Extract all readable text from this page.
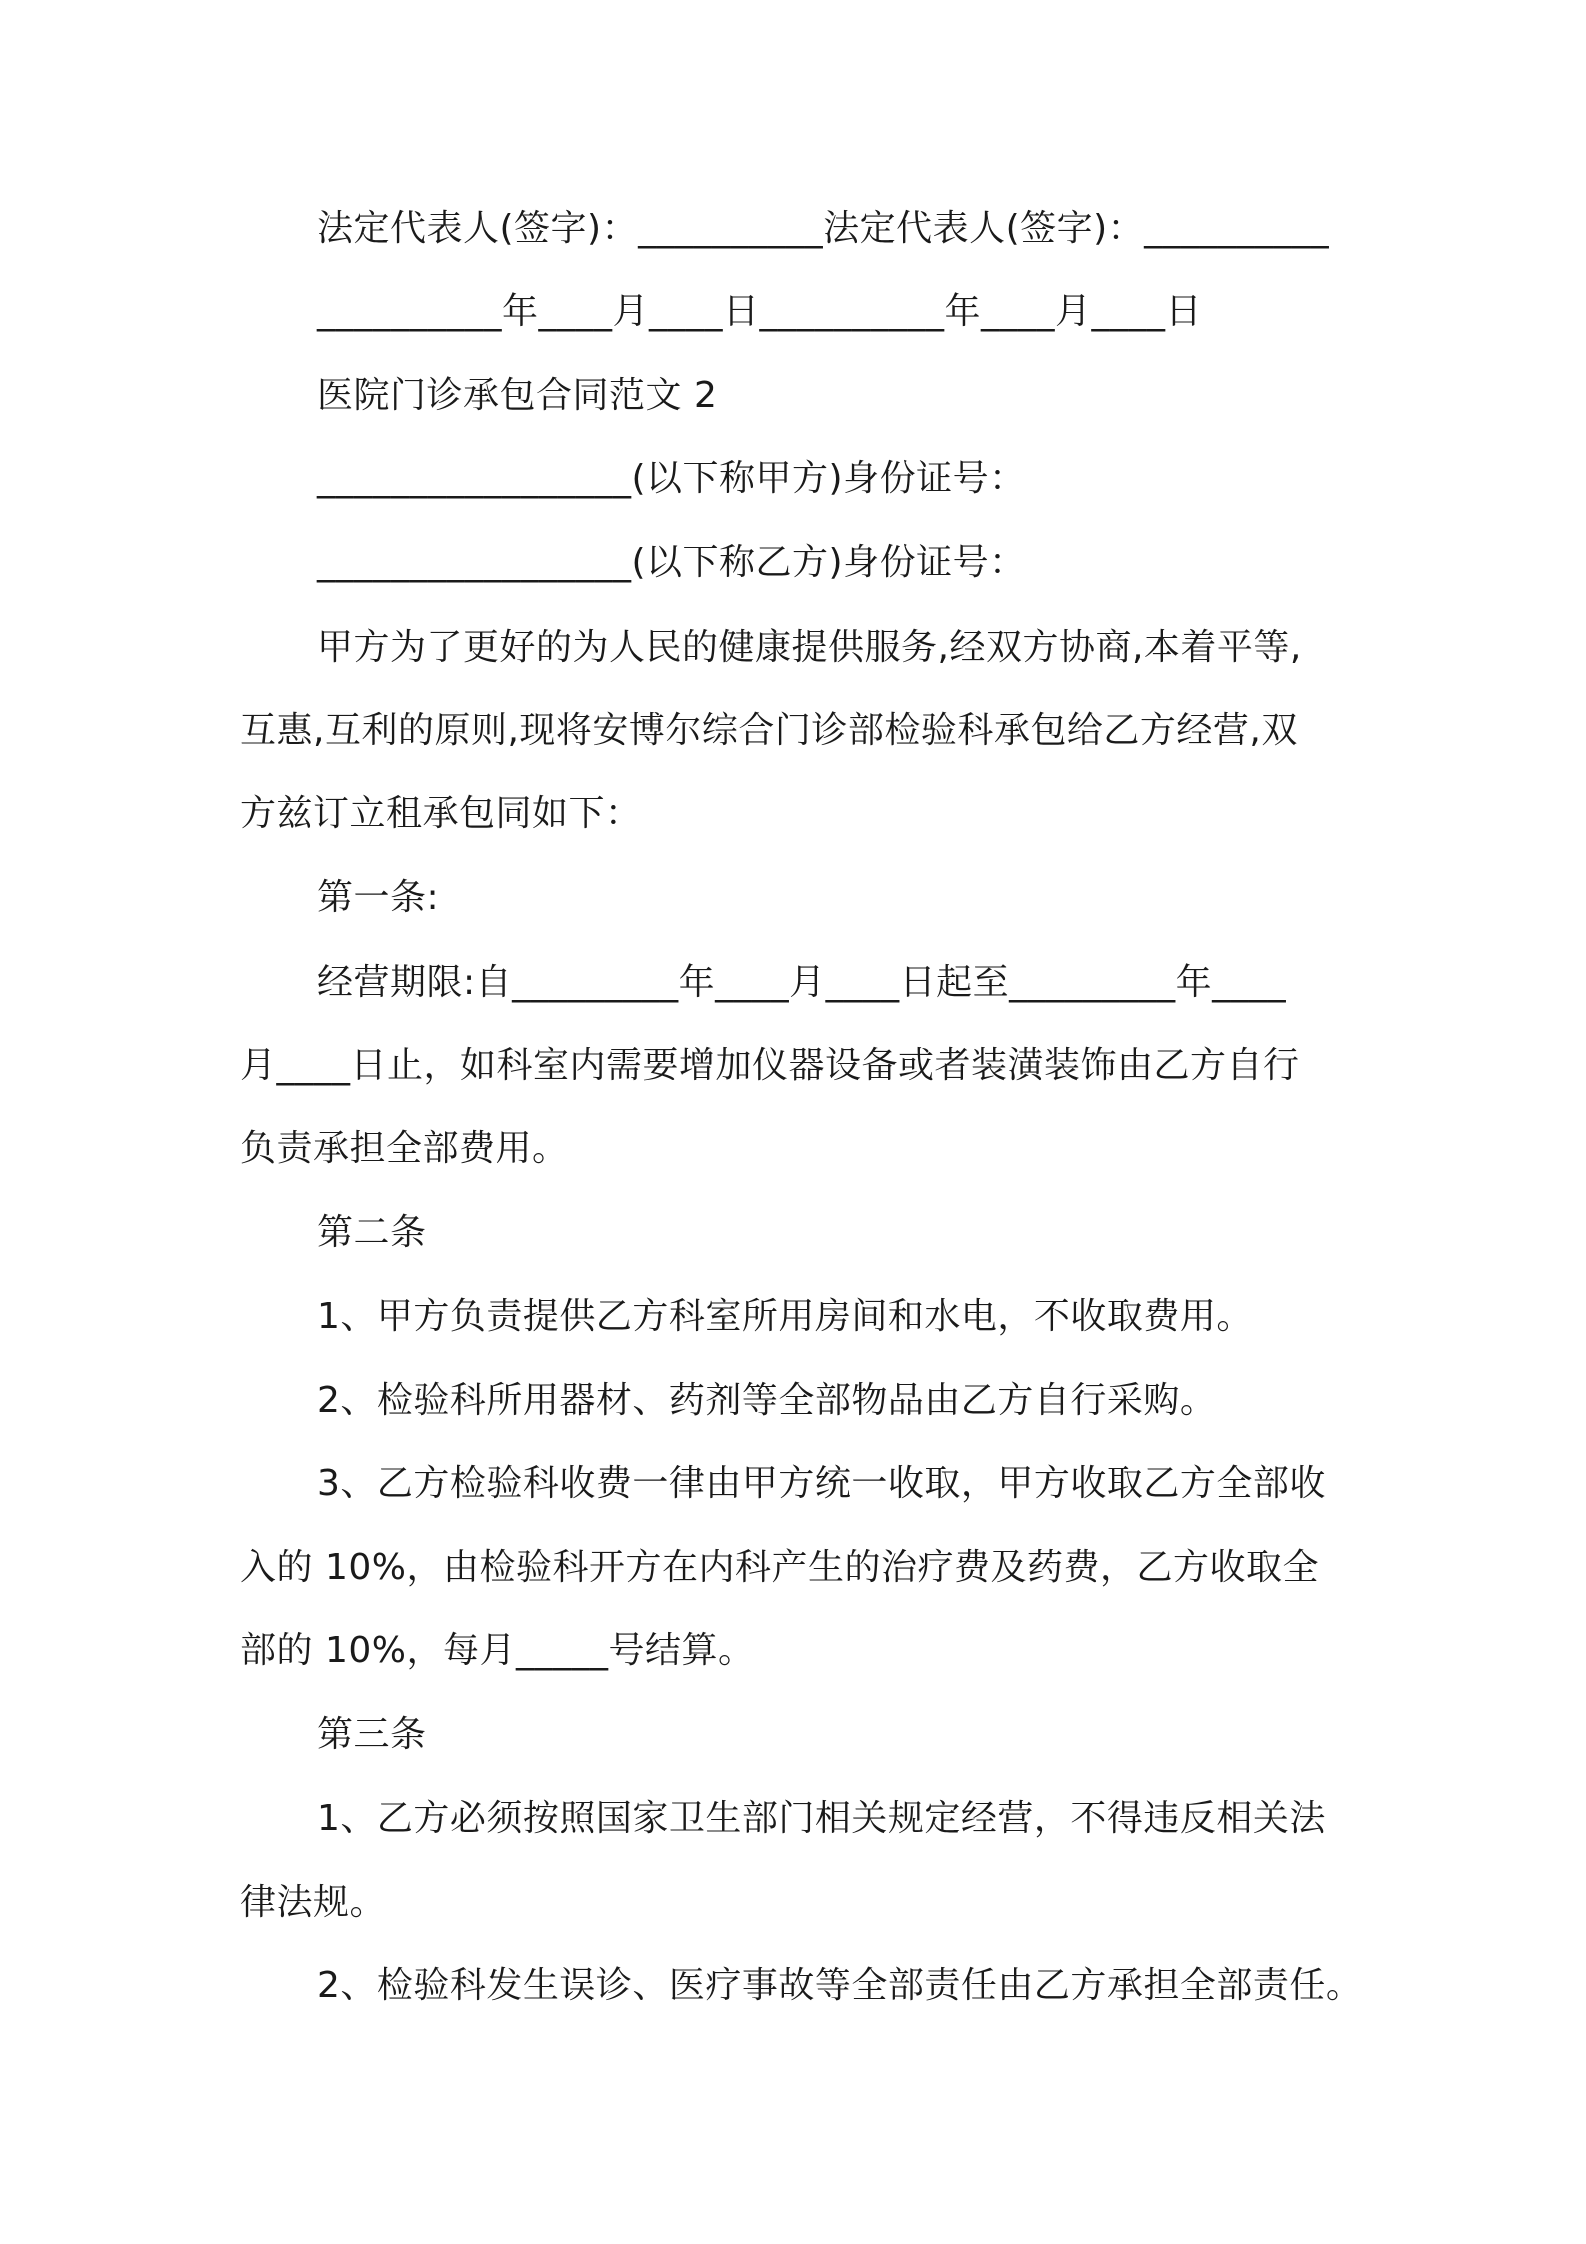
法定代表人(签字)：__________法定代表人(签字)：__________
__________年____月____日__________年____月____日
医院门诊承包合同范文 2
_________________(以下称甲方)身份证号：
_________________(以下称乙方)身份证号：
甲方为了更好的为人民的健康提供服务,经双方协商,本着平等,
互惠,互利的原则,现将安博尔综合门诊部检验科承包给乙方经营,双
方兹订立租承包同如下：
第一条:
经营期限:自_________年____月____日起至_________年____
月____日止，如科室内需要增加仪器设备或者装潢装饰由乙方自行
负责承担全部费用。
第二条
1、甲方负责提供乙方科室所用房间和水电，不收取费用。
2、检验科所用器材、药剂等全部物品由乙方自行采购。
3、乙方检验科收费一律由甲方统一收取，甲方收取乙方全部收
入的 10%，由检验科开方在内科产生的治疗费及药费，乙方收取全
部的 10%，每月_____号结算。
第三条
1、乙方必须按照国家卫生部门相关规定经营，不得违反相关法
律法规。
2、检验科发生误诊、医疗事故等全部责任由乙方承担全部责任。
